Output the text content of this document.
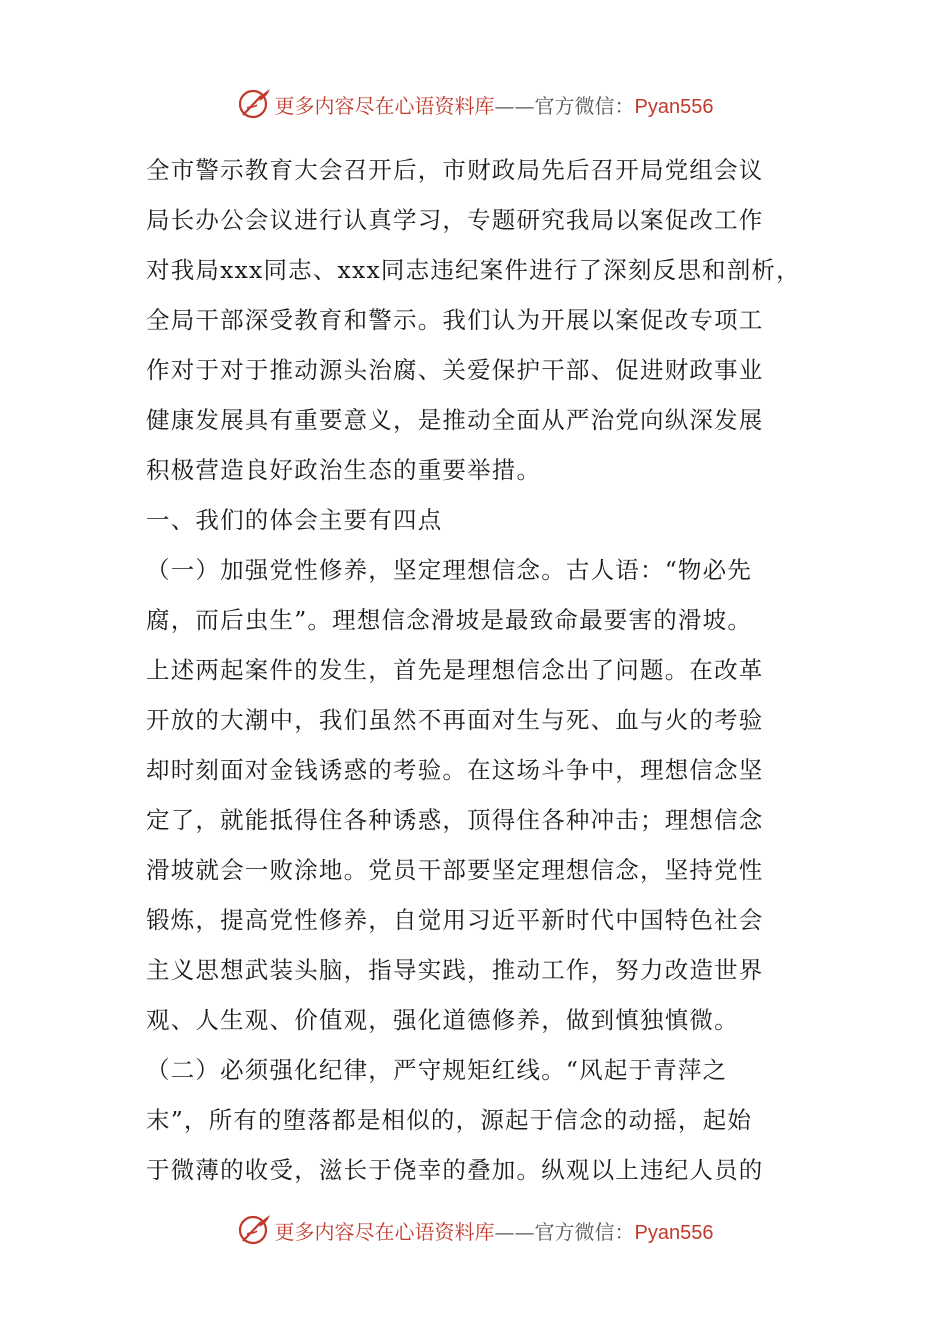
更多内容尽在心语资料库——官方微信：Pyan556
全市警示教育大会召开后，市财政局先后召开局党组会议
局长办公会议进行认真学习，专题研究我局以案促改工作
对我局xxx同志、xxx同志违纪案件进行了深刻反思和剖析，
全局干部深受教育和警示。我们认为开展以案促改专项工
作对于对于推动源头治腐、关爱保护干部、促进财政事业
健康发展具有重要意义，是推动全面从严治党向纵深发展
积极营造良好政治生态的重要举措。
一、我们的体会主要有四点
（一）加强党性修养，坚定理想信念。古人语：“物必先
腐，而后虫生”。理想信念滑坡是最致命最要害的滑坡。
上述两起案件的发生，首先是理想信念出了问题。在改革
开放的大潮中，我们虽然不再面对生与死、血与火的考验
却时刻面对金钱诱惑的考验。在这场斗争中，理想信念坚
定了，就能抵得住各种诱惑，顶得住各种冲击；理想信念
滑坡就会一败涂地。党员干部要坚定理想信念，坚持党性
锻炼，提高党性修养，自觉用习近平新时代中国特色社会
主义思想武装头脑，指导实践，推动工作，努力改造世界
观、人生观、价值观，强化道德修养，做到慎独慎微。
（二）必须强化纪律，严守规矩红线。“风起于青萍之
末”，所有的堕落都是相似的，源起于信念的动摇，起始
于微薄的收受，滋长于侥幸的叠加。纵观以上违纪人员的
更多内容尽在心语资料库——官方微信：Pyan556
